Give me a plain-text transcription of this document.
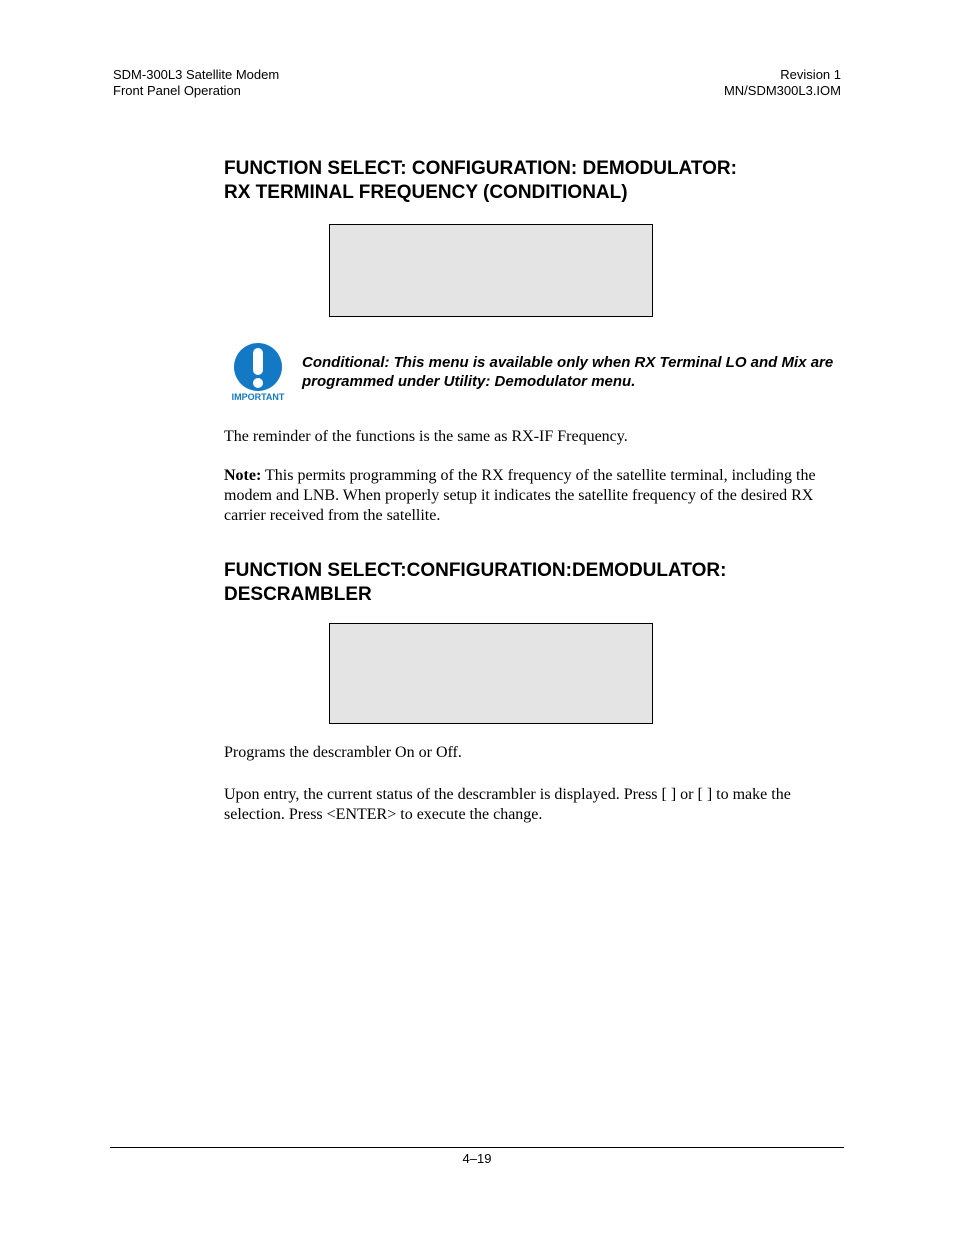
SDM-300L3 Satellite Modem
Front Panel Operation
Revision 1
MN/SDM300L3.IOM
FUNCTION SELECT: CONFIGURATION: DEMODULATOR:
RX TERMINAL FREQUENCY (CONDITIONAL)
IMPORTANT
Conditional: This menu is available only when RX Terminal LO and Mix are programmed under Utility: Demodulator menu.
The reminder of the functions is the same as RX-IF Frequency.
Note: This permits programming of the RX frequency of the satellite terminal, including the modem and LNB. When properly setup it indicates the satellite frequency of the desired RX carrier received from the satellite.
FUNCTION SELECT:CONFIGURATION:DEMODULATOR:
DESCRAMBLER
Programs the descrambler On or Off.
Upon entry, the current status of the descrambler is displayed. Press [ ] or [ ] to make the selection. Press <ENTER> to execute the change.
4–19
